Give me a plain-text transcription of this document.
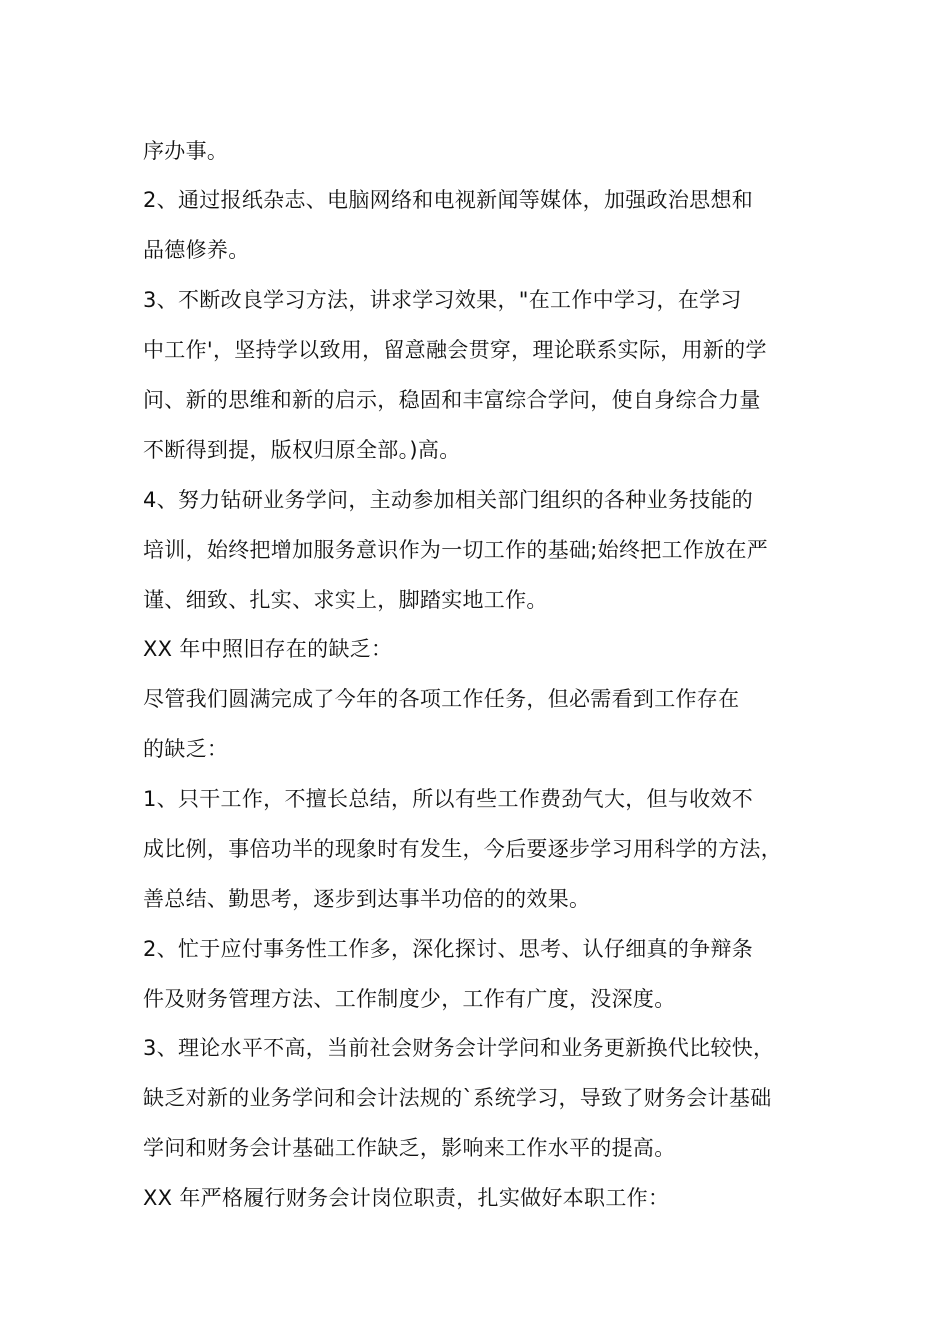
序办事。
2、通过报纸杂志、电脑网络和电视新闻等媒体，加强政治思想和
品德修养。
3、不断改良学习方法，讲求学习效果，"在工作中学习，在学习
中工作'，坚持学以致用，留意融会贯穿，理论联系实际，用新的学
问、新的思维和新的启示，稳固和丰富综合学问，使自身综合力量
不断得到提，版权归原全部。)高。
4、努力钻研业务学问，主动参加相关部门组织的各种业务技能的
培训，始终把增加服务意识作为一切工作的基础;始终把工作放在严
谨、细致、扎实、求实上，脚踏实地工作。
XX 年中照旧存在的缺乏：
尽管我们圆满完成了今年的各项工作任务，但必需看到工作存在
的缺乏：
1、只干工作，不擅长总结，所以有些工作费劲气大，但与收效不
成比例，事倍功半的现象时有发生，今后要逐步学习用科学的方法，
善总结、勤思考，逐步到达事半功倍的的效果。
2、忙于应付事务性工作多，深化探讨、思考、认仔细真的争辩条
件及财务管理方法、工作制度少，工作有广度，没深度。
3、理论水平不高，当前社会财务会计学问和业务更新换代比较快，
缺乏对新的业务学问和会计法规的`系统学习，导致了财务会计基础
学问和财务会计基础工作缺乏，影响来工作水平的提高。
XX 年严格履行财务会计岗位职责，扎实做好本职工作：
